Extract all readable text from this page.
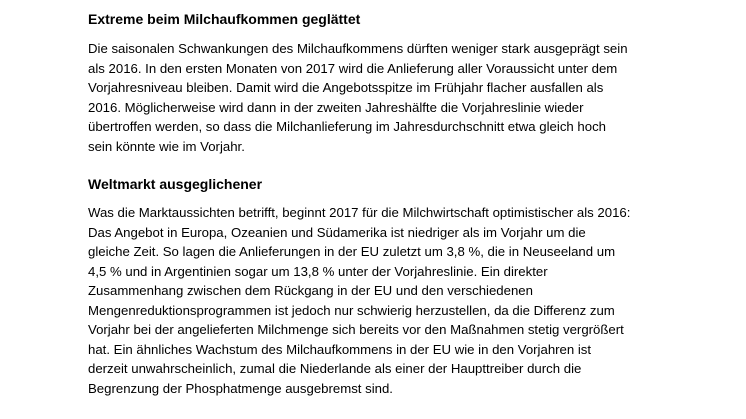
Extreme beim Milchaufkommen geglättet

Die saisonalen Schwankungen des Milchaufkommens dürften weniger stark ausgeprägt sein

als 2016. In den ersten Monaten von 2017 wird die Anlieferung aller Voraussicht unter dem

Vorjahresniveau bleiben. Damit wird die Angebotsspitze im Frühjahr flacher ausfallen als

2016. Möglicherweise wird dann in der zweiten Jahreshälfte die Vorjahreslinie wieder

übertroffen werden, so dass die Milchanlieferung im Jahresdurchschnitt etwa gleich hoch

sein könnte wie im Vorjahr.

Weltmarkt ausgeglichener

Was die Marktaussichten betrifft, beginnt 2017 für die Milchwirtschaft optimistischer als 2016:

Das Angebot in Europa, Ozeanien und Südamerika ist niedriger als im Vorjahr um die

gleiche Zeit. So lagen die Anlieferungen in der EU zuletzt um 3,8 %, die in Neuseeland um

4,5 % und in Argentinien sogar um 13,8 % unter der Vorjahreslinie. Ein direkter

Zusammenhang zwischen dem Rückgang in der EU und den verschiedenen

Mengenreduktionsprogrammen ist jedoch nur schwierig herzustellen, da die Differenz zum

Vorjahr bei der angelieferten Milchmenge sich bereits vor den Maßnahmen stetig vergrößert

hat. Ein ähnliches Wachstum des Milchaufkommens in der EU wie in den Vorjahren ist

derzeit unwahrscheinlich, zumal die Niederlande als einer der Haupttreiber durch die

Begrenzung der Phosphatmenge ausgebremst sind.
